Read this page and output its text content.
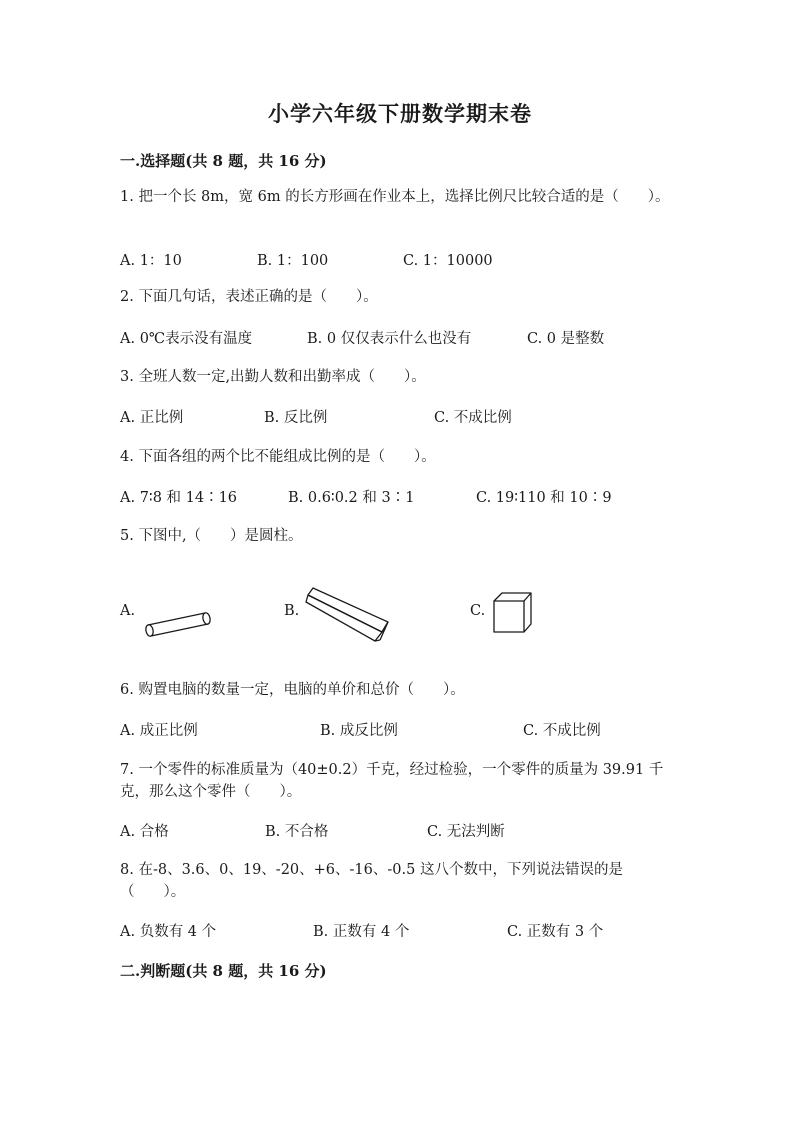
小学六年级下册数学期末卷
一.选择题(共 8 题，共 16 分)
1. 把一个长 8m，宽 6m 的长方形画在作业本上，选择比例尺比较合适的是（　　）。
A. 1：10	B. 1：100	C. 1：10000
2. 下面几句话，表述正确的是（　　）。
A. 0℃表示没有温度	B. 0 仅仅表示什么也没有	C. 0 是整数
3. 全班人数一定,出勤人数和出勤率成（　　）。
A. 正比例	B. 反比例	C. 不成比例
4. 下面各组的两个比不能组成比例的是（　　）。
A. 7∶8 和 14∶16	B. 0.6∶0.2 和 3∶1	C. 19∶110 和 10∶9
5. 下图中,（　　）是圆柱。
A.	B.	C.
6. 购置电脑的数量一定，电脑的单价和总价（　　）。
A. 成正比例	B. 成反比例	C. 不成比例
7. 一个零件的标准质量为（40±0.2）千克，经过检验，一个零件的质量为 39.91 千克，那么这个零件（　　）。
A. 合格	B. 不合格	C. 无法判断
8. 在-8、3.6、0、19、-20、+6、-16、-0.5 这八个数中，下列说法错误的是（　　）。
A. 负数有 4 个	B. 正数有 4 个	C. 正数有 3 个
二.判断题(共 8 题，共 16 分)
